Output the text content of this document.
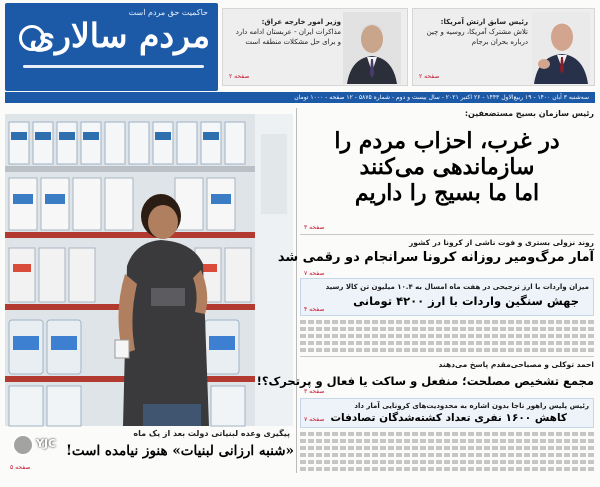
حاکمیت حق مردم است
مردم سالاری	وزیر امور خارجه عراق:
مذاکرات ایران - عربستان ادامه دارد
و برای حل مشکلات منطقه است
صفحه ۲
رئیس سابق ارتش آمریکا:
تلاش مشترک آمریکا، روسیه و چین
درباره بحران برجام
صفحه ۲
سه‌شنبه ۳ آبان ۱۴۰۰ - ۱۹ ربیع‌الاول ۱۴۴۳ - ۲۶ اکتبر ۲۰۲۱ - سال بیست و دوم - شماره ۵۸۷۵ - ۱۲ صفحه - ۱۰۰۰ تومان
رئیس سازمان بسیج مستضعفین:
در غرب، احزاب مردم را
سازماندهی می‌کنند
اما ما بسیج را داریم
صفحه ۳
روند نزولی بستری و فوت ناشی از کرونا در کشور
آمار مرگ‌ومیر روزانه کرونا سرانجام دو رقمی شد
صفحه ۷
میزان واردات با ارز ترجیحی در هفت ماه امسال به ۱۰.۴ میلیون تن کالا رسید
جهش سنگین واردات با ارز ۴۲۰۰ تومانی
صفحه ۴
احمد توکلی و مصباحی‌مقدم پاسخ می‌دهند
مجمع تشخیص مصلحت؛ منفعل و ساکت یا فعال و پرتحرک؟!
صفحه ۳
رئیس پلیس راهور ناجا بدون اشاره به محدودیت‌های کرونایی آمار داد
کاهش ۱۶۰۰ نفری تعداد کشته‌شدگان تصادفات
صفحه ۷
پیگیری وعده لبنیاتی دولت بعد از یک ماه
«شنبه ارزانی لبنیات» هنوز نیامده است!
صفحه ۵
YJC
